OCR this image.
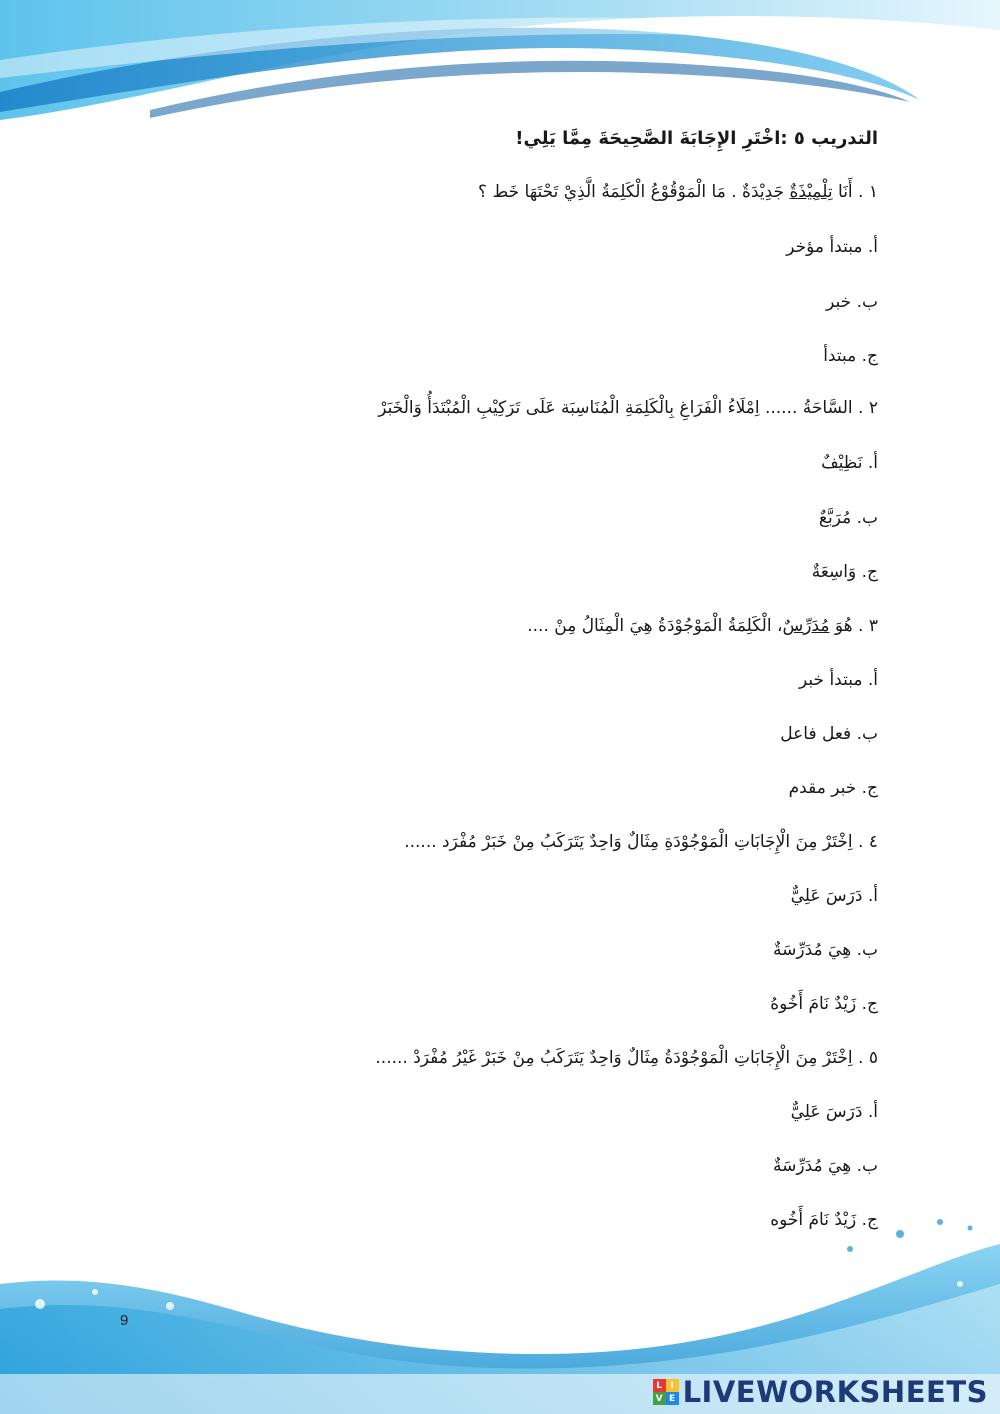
التدريب ٥ :اخْتَرِ الإِجَابَةَ الصَّحِيحَةَ مِمَّا يَلِي!
١ . أَنَا تِلْمِيْذَةٌ جَدِيْدَةٌ . مَا الْمَوْقُوْعُ الْكَلِمَةُ الَّذِيْ تَحْتَهَا خَط ؟
أ. مبتدأ مؤخر
ب. خبر
ج. مبتدأ
٢ . السَّاحَةُ ...... اِمْلَاءُ الْفَرَاغِ بِالْكَلِمَةِ الْمُنَاسِبَة عَلَى تَرَكِيْبِ الْمُبْتَدَأُ وَالْخَبَرْ
أ. نَظِيْفٌ
ب. مُرَبَّعٌ
ج. وَاسِعَةٌ
٣ . هُوَ مُدَرِّسٌ، الْكَلِمَةُ الْمَوْجُوْدَةُ هِيَ الْمِثَالُ مِنْ ....
أ. مبتدأ خبر
ب. فعل فاعل
ج. خبر مقدم
٤ . اِخْتَرْ مِنَ الْإِجَابَاتِ الْمَوْجُوْدَةِ مِثَالٌ وَاحِدٌ يَتَرَكَبُ مِنْ خَبَرْ مُفْرَد ......
أ. دَرَسَ عَلِيٌّ
ب. هِيَ مُدَرِّسَةٌ
ج. زَيْدٌ نَامَ أَخُوهُ
٥ . اِخْتَرْ مِنَ الْإِجَابَاتِ الْمَوْجُوْدَةُ مِثَالٌ وَاحِدٌ يَتَرَكَبُ مِنْ خَبَرْ غَيْرُ مُفْرَدْ ......
أ. دَرَسَ عَلِيٌّ
ب. هِيَ مُدَرِّسَةٌ
ج. زَيْدٌ نَامَ أَخُوه
9
L I
V E LIVEWORKSHEETS
